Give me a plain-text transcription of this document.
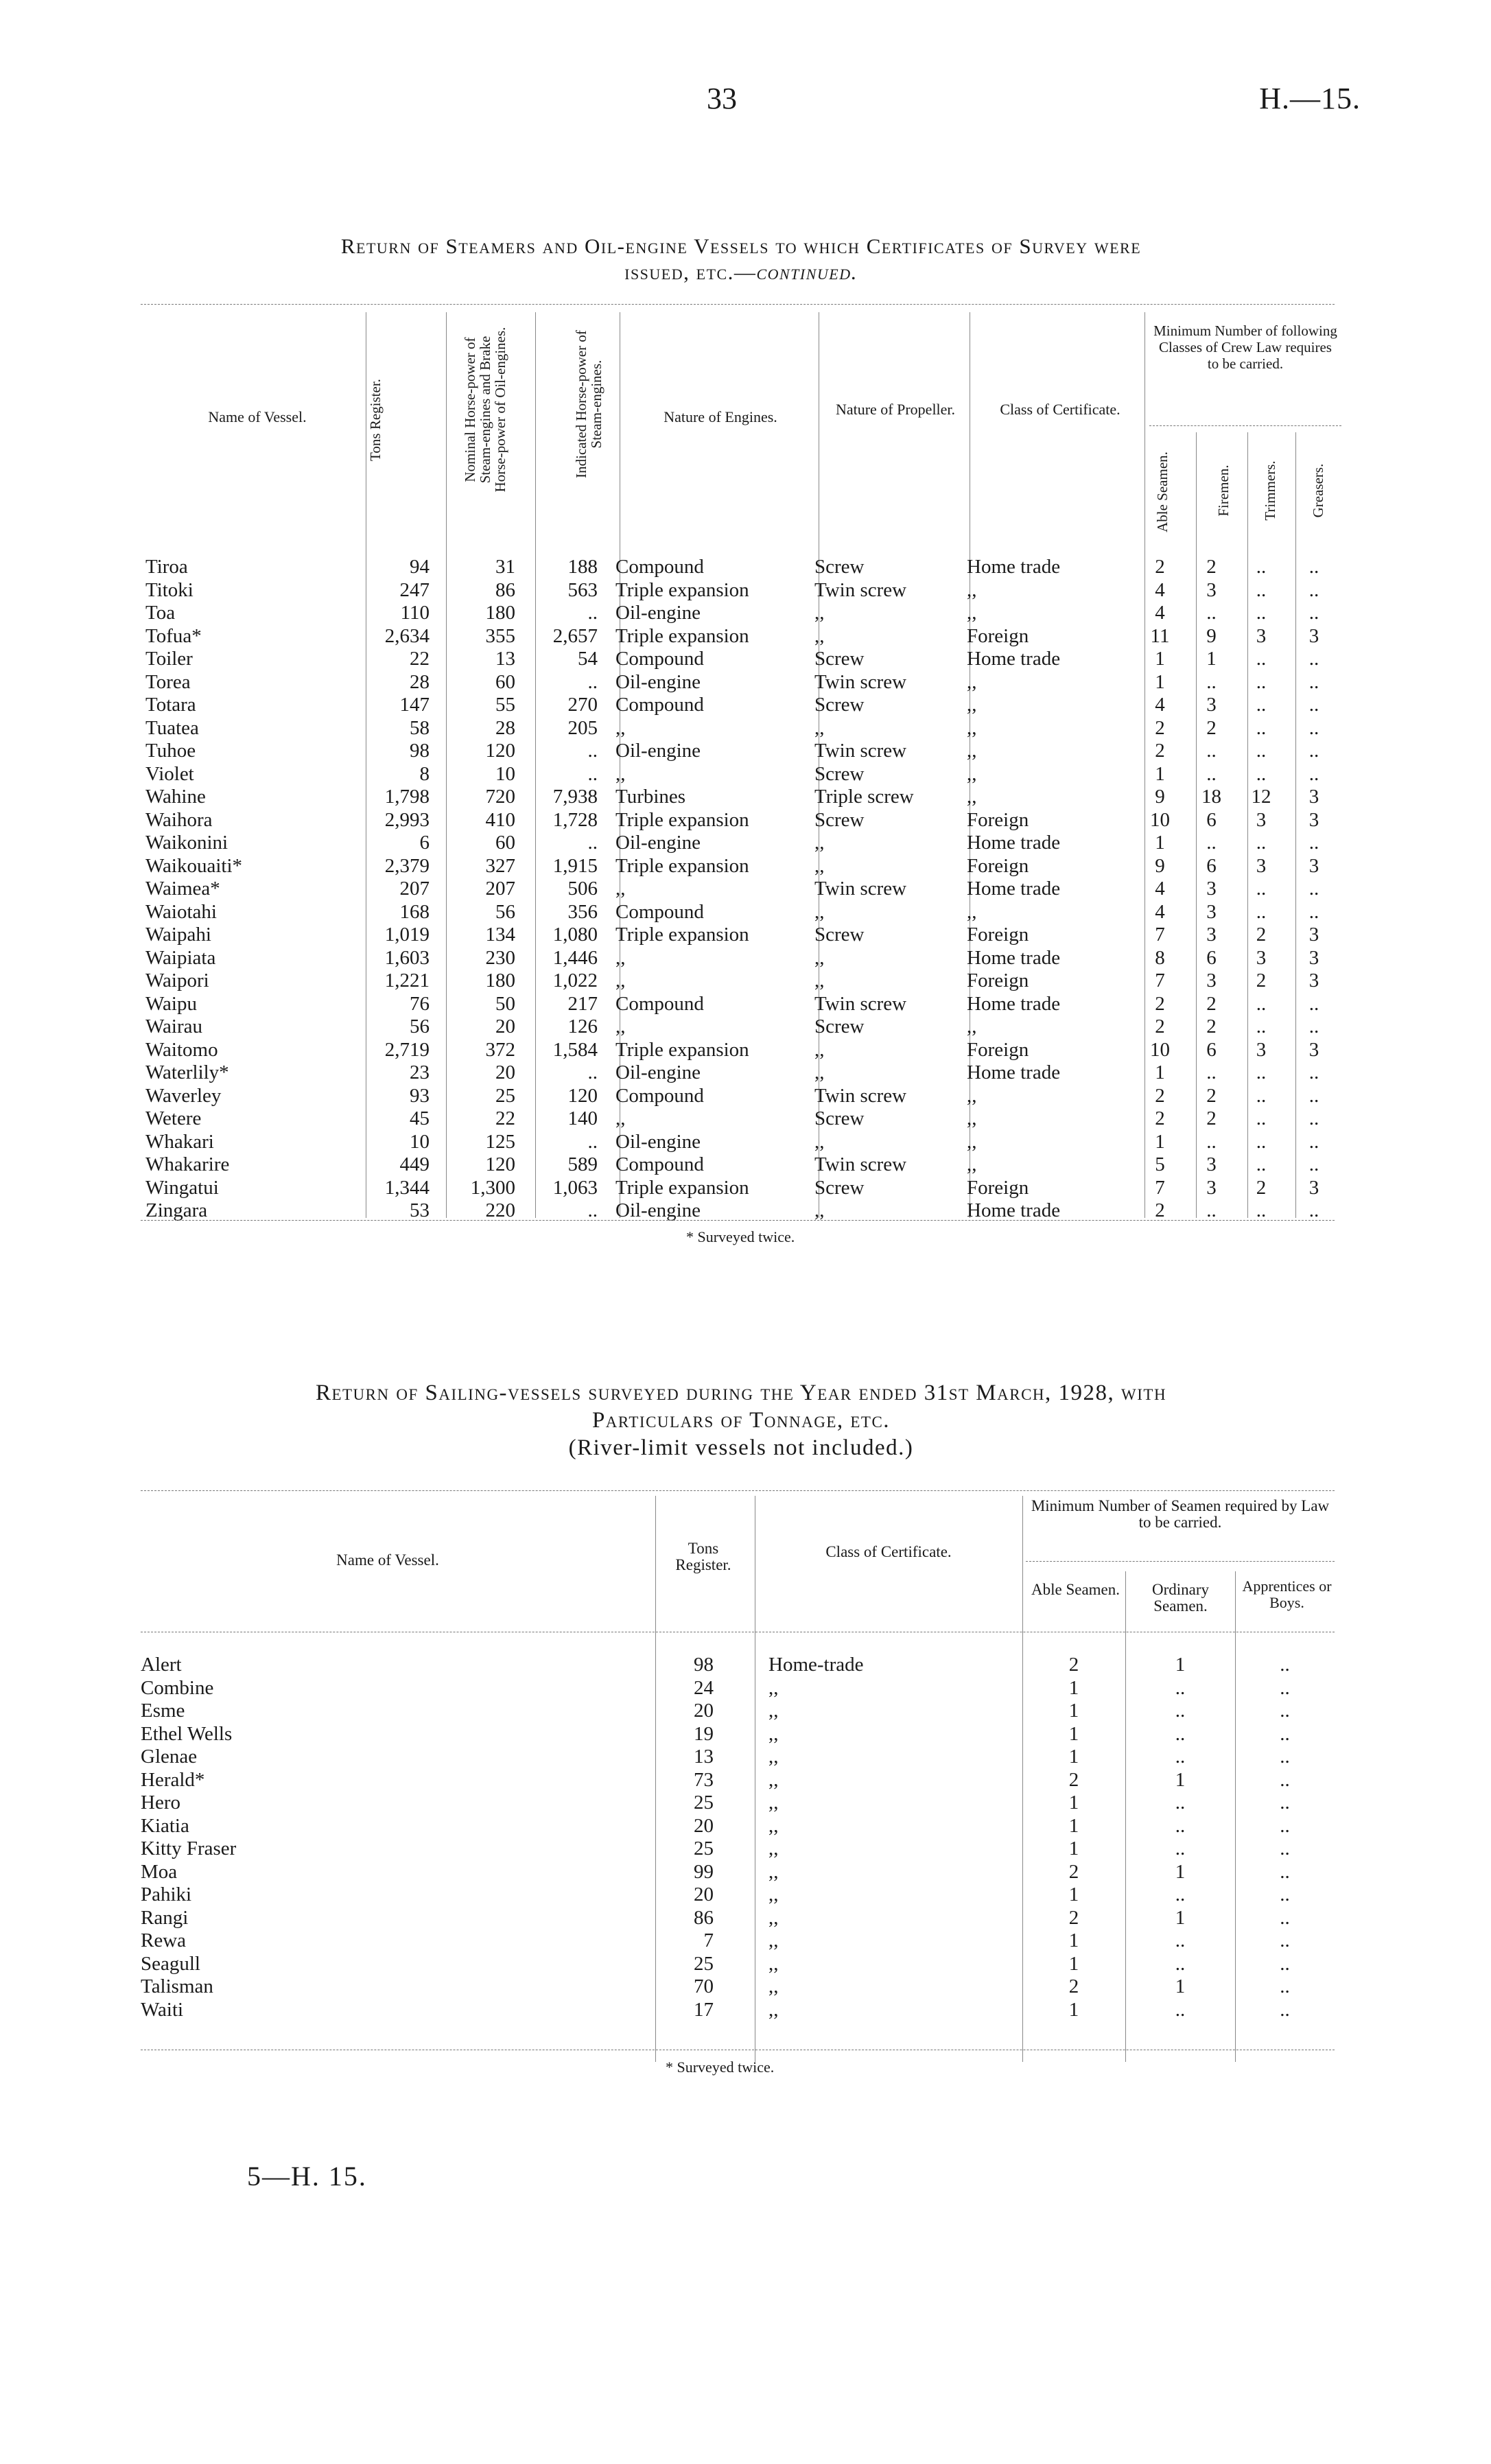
33	H.—15.
Return of Steamers and Oil-engine Vessels to which Certificates of Survey were
issued, etc.—continued.
Name of Vessel.	Tons Register.	Nominal Horse-power of Steam-engines and Brake Horse-power of Oil-engines.	Indicated Horse-power of Steam-engines.	Nature of Engines.	Nature of Propeller.	Class of Certificate.
Minimum Number of following Classes of Crew Law requires to be carried.
Able Seamen.	Firemen.	Trimmers.	Greasers.
Tiroa	94	31	188	Compound	Screw	Home trade	2	2	..	..
Titoki	247	86	563	Triple expansion	Twin screw	,,	4	3	..	..
Toa	110	180	..	Oil-engine	,,	,,	4	..	..	..
Tofua*	2,634	355	2,657	Triple expansion	,,	Foreign	11	9	3	3
Toiler	22	13	54	Compound	Screw	Home trade	1	1	..	..
Torea	28	60	..	Oil-engine	Twin screw	,,	1	..	..	..
Totara	147	55	270	Compound	Screw	,,	4	3	..	..
Tuatea	58	28	205	,,	,,	,,	2	2	..	..
Tuhoe	98	120	..	Oil-engine	Twin screw	,,	2	..	..	..
Violet	8	10	..	,,	Screw	,,	1	..	..	..
Wahine	1,798	720	7,938	Turbines	Triple screw	,,	9	18	12	3
Waihora	2,993	410	1,728	Triple expansion	Screw	Foreign	10	6	3	3
Waikonini	6	60	..	Oil-engine	,,	Home trade	1	..	..	..
Waikouaiti*	2,379	327	1,915	Triple expansion	,,	Foreign	9	6	3	3
Waimea*	207	207	506	,,	Twin screw	Home trade	4	3	..	..
Waiotahi	168	56	356	Compound	,,	,,	4	3	..	..
Waipahi	1,019	134	1,080	Triple expansion	Screw	Foreign	7	3	2	3
Waipiata	1,603	230	1,446	,,	,,	Home trade	8	6	3	3
Waipori	1,221	180	1,022	,,	,,	Foreign	7	3	2	3
Waipu	76	50	217	Compound	Twin screw	Home trade	2	2	..	..
Wairau	56	20	126	,,	Screw	,,	2	2	..	..
Waitomo	2,719	372	1,584	Triple expansion	,,	Foreign	10	6	3	3
Waterlily*	23	20	..	Oil-engine	,,	Home trade	1	..	..	..
Waverley	93	25	120	Compound	Twin screw	,,	2	2	..	..
Wetere	45	22	140	,,	Screw	,,	2	2	..	..
Whakari	10	125	..	Oil-engine	,,	,,	1	..	..	..
Whakarire	449	120	589	Compound	Twin screw	,,	5	3	..	..
Wingatui	1,344	1,300	1,063	Triple expansion	Screw	Foreign	7	3	2	3
Zingara	53	220	..	Oil-engine	,,	Home trade	2	..	..	..
* Surveyed twice.
Return of Sailing-vessels surveyed during the Year ended 31st March, 1928, with
Particulars of Tonnage, etc.
(River-limit vessels not included.)
Name of Vessel.
Tons Register.
Class of Certificate.
Minimum Number of Seamen required by Law to be carried.
Able Seamen.	Ordinary Seamen.
Apprentices or Boys.
Alert	98	Home-trade	2	1	..
Combine	24	,,	1	..	..
Esme	20	,,	1	..	..
Ethel Wells	19	,,	1	..	..
Glenae	13	,,	1	..	..
Herald*	73	,,	2	1	..
Hero	25	,,	1	..	..
Kiatia	20	,,	1	..	..
Kitty Fraser	25	,,	1	..	..
Moa	99	,,	2	1	..
Pahiki	20	,,	1	..	..
Rangi	86	,,	2	1	..
Rewa	7	,,	1	..	..
Seagull	25	,,	1	..	..
Talisman	70	,,	2	1	..
Waiti	17	,,	1	..	..
* Surveyed twice.
5—H. 15.
